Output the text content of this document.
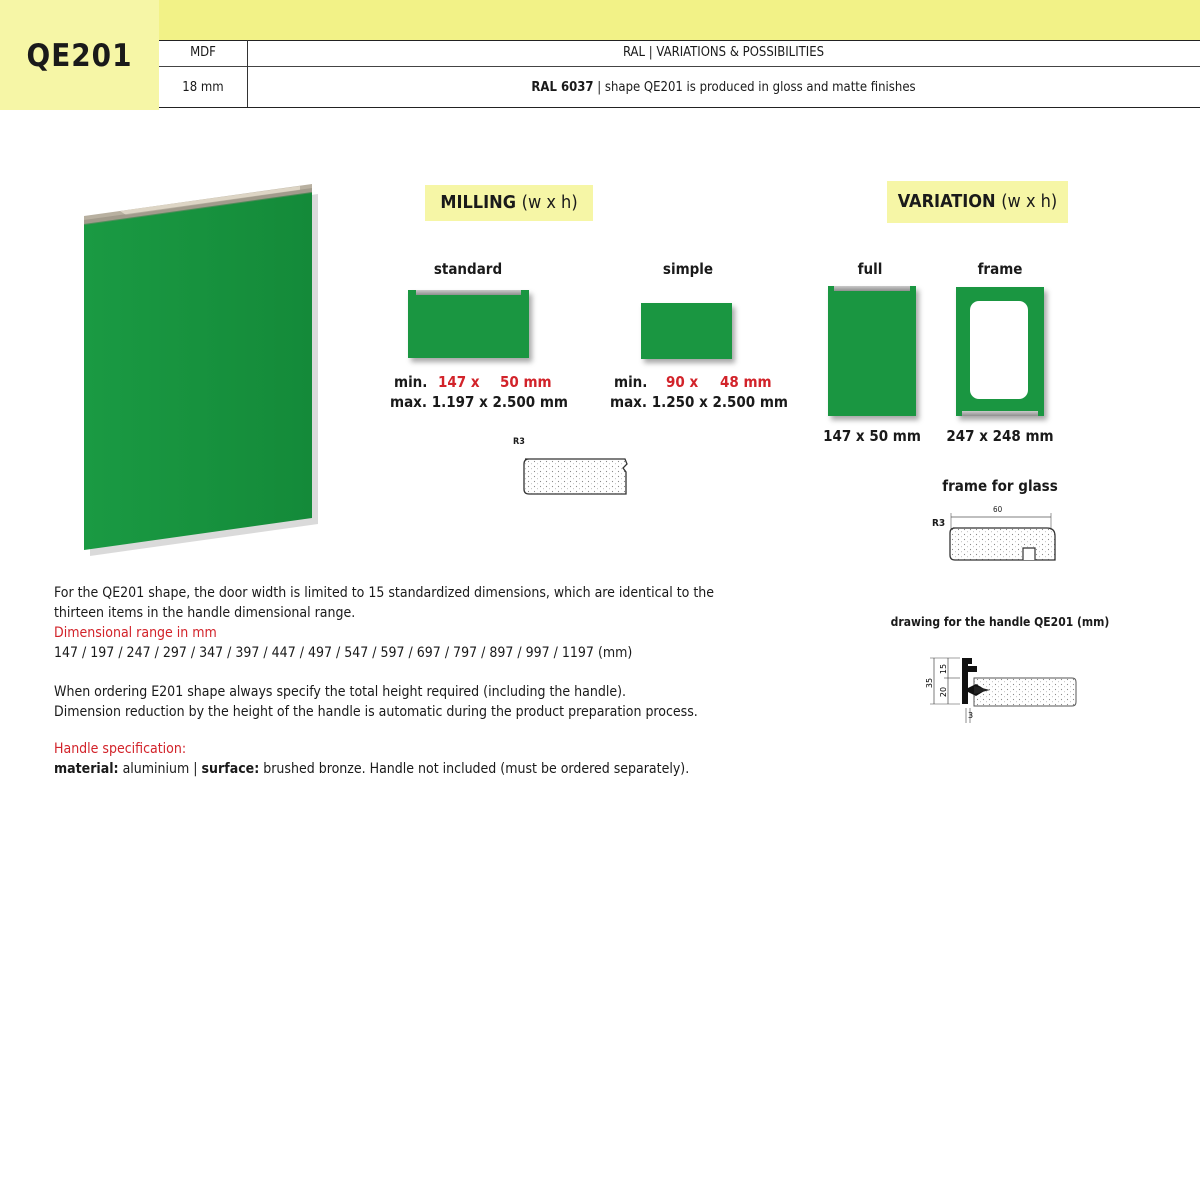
QE201	MDF	RAL | VARIATIONS & POSSIBILITIES
18 mm	RAL 6037 | shape QE201 is produced in gloss and matte finishes
MILLING (w x h)
standard
min. 147 x 50 mm
max. 1.197 x 2.500 mm
simple
min. 90 x 48 mm
max. 1.250 x 2.500 mm
R3
VARIATION (w x h)
full
147 x 50 mm
frame
247 x 248 mm
frame for glass
R3
60
drawing for the handle QE201 (mm)
35
15
20
3
For the QE201 shape, the door width is limited to 15 standardized dimensions, which are identical to the thirteen items in the handle dimensional range.
Dimensional range in mm
147 / 197 / 247 / 297 / 347 / 397 / 447 / 497 / 547 / 597 / 697 / 797 / 897 / 997 / 1197 (mm)
When ordering E201 shape always specify the total height required (including the handle).
Dimension reduction by the height of the handle is automatic during the product preparation process.
Handle specification:
material: aluminium | surface: brushed bronze. Handle not included (must be ordered separately).
